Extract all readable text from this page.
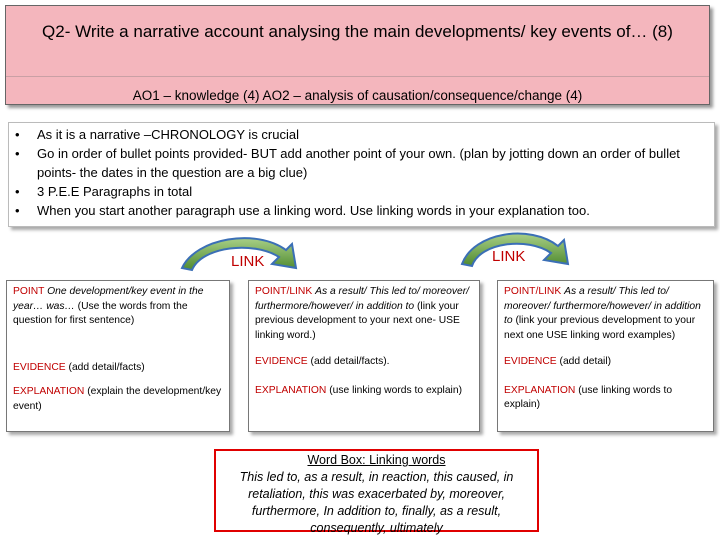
Q2- Write a narrative account analysing the main developments/ key events of… (8)
AO1 – knowledge (4) AO2 – analysis of causation/consequence/change (4)
• As it is a narrative –CHRONOLOGY is crucial
• Go in order of bullet points provided- BUT add another point of your own. (plan by jotting down an order of bullet points- the dates in the question are a big clue)
• 3 P.E.E Paragraphs in total
• When you start another paragraph use a linking word. Use linking words in your explanation too.
LINK	LINK
POINT One development/key event in the year… was… (Use the words from the question for first sentence)
EVIDENCE (add detail/facts)
EXPLANATION (explain the development/key event)
POINT/LINK As a result/ This led to/ moreover/ furthermore/however/ in addition to (link your previous development to your next one- USE linking word.)
EVIDENCE (add detail/facts).
EXPLANATION (use linking words to explain)
POINT/LINK As a result/ This led to/ moreover/ furthermore/however/ in addition to (link your previous development to your next one USE linking word examples)
EVIDENCE (add detail)
EXPLANATION (use linking words to explain)
Word Box: Linking words
This led to, as a result, in reaction, this caused, in retaliation, this was exacerbated by, moreover, furthermore, In addition to, finally, as a result, consequently, ultimately
